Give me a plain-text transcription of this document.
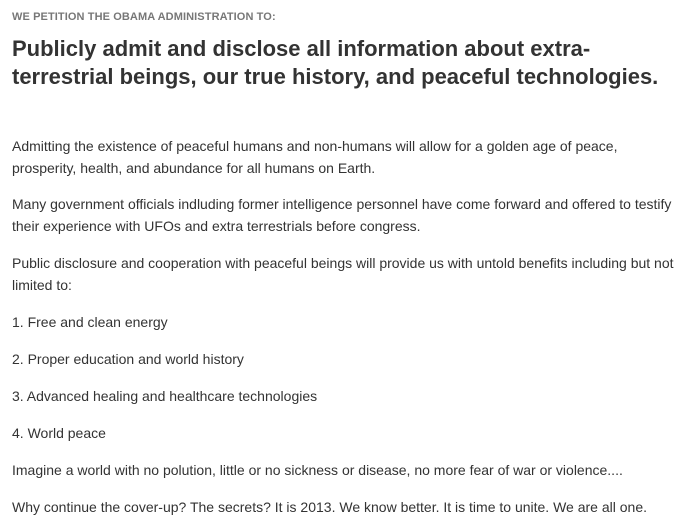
WE PETITION THE OBAMA ADMINISTRATION TO:
Publicly admit and disclose all information about extra-terrestrial beings, our true history, and peaceful technologies.

Admitting the existence of peaceful humans and non-humans will allow for a golden age of peace, prosperity, health, and abundance for all humans on Earth.

Many government officials indluding former intelligence personnel have come forward and offered to testify their experience with UFOs and extra terrestrials before congress.

Public disclosure and cooperation with peaceful beings will provide us with untold benefits including but not limited to:

1. Free and clean energy

2. Proper education and world history

3. Advanced healing and healthcare technologies

4. World peace

Imagine a world with no polution, little or no sickness or disease, no more fear of war or violence....

Why continue the cover-up? The secrets? It is 2013. We know better. It is time to unite. We are all one.
